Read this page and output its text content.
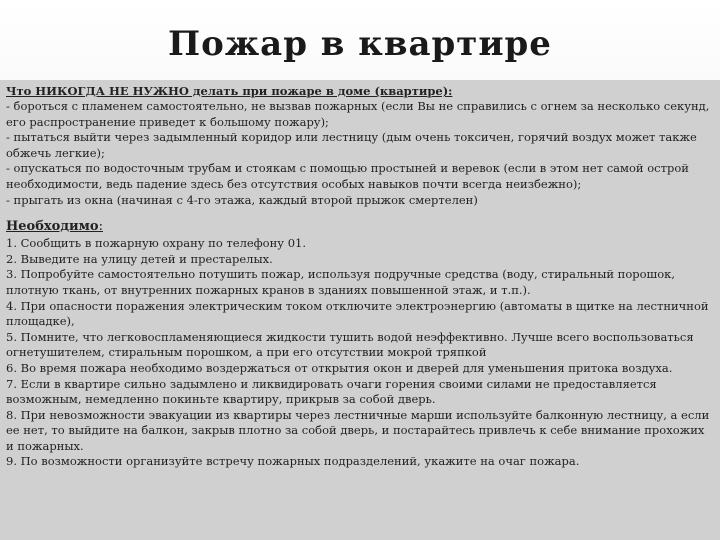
Пожар в квартире

Что НИКОГДА НЕ НУЖНО делать при пожаре в доме (квартире):

- бороться с пламенем самостоятельно, не вызвав пожарных (если Вы не справились с огнем за несколько секунд, его распространение приведет к большому пожару);

- пытаться выйти через задымленный коридор или лестницу (дым очень токсичен, горячий воздух может также обжечь легкие);

- опускаться по водосточным трубам и стоякам с помощью простыней и веревок (если в этом нет самой острой необходимости, ведь падение здесь без отсутствия особых навыков почти всегда неизбежно);

- прыгать из окна (начиная с 4-го этажа, каждый второй прыжок смертелен)

Необходимо:

1. Сообщить в пожарную охрану по телефону 01.

2. Выведите на улицу детей и престарелых.

3. Попробуйте самостоятельно потушить пожар, используя подручные средства (воду, стиральный порошок, плотную ткань, от внутренних пожарных кранов в зданиях повышенной этаж, и т.п.).

4. При опасности поражения электрическим током отключите электроэнергию (автоматы в щитке на лестничной площадке),

5. Помните, что легковоспламеняющиеся жидкости тушить водой неэффективно. Лучше всего воспользоваться огнетушителем, стиральным порошком, а при его отсутствии мокрой тряпкой

6. Во время пожара необходимо воздержаться от открытия окон и дверей для уменьшения притока воздуха.

7. Если в квартире сильно задымлено и ликвидировать очаги горения своими силами не предоставляется возможным, немедленно покиньте квартиру, прикрыв за собой дверь.

8. При невозможности эвакуации из квартиры через лестничные марши используйте балконную лестницу, а если ее нет, то выйдите на балкон, закрыв плотно за собой дверь, и постарайтесь привлечь к себе внимание прохожих и пожарных.

9. По возможности организуйте встречу пожарных подразделений, укажите на очаг пожара.
